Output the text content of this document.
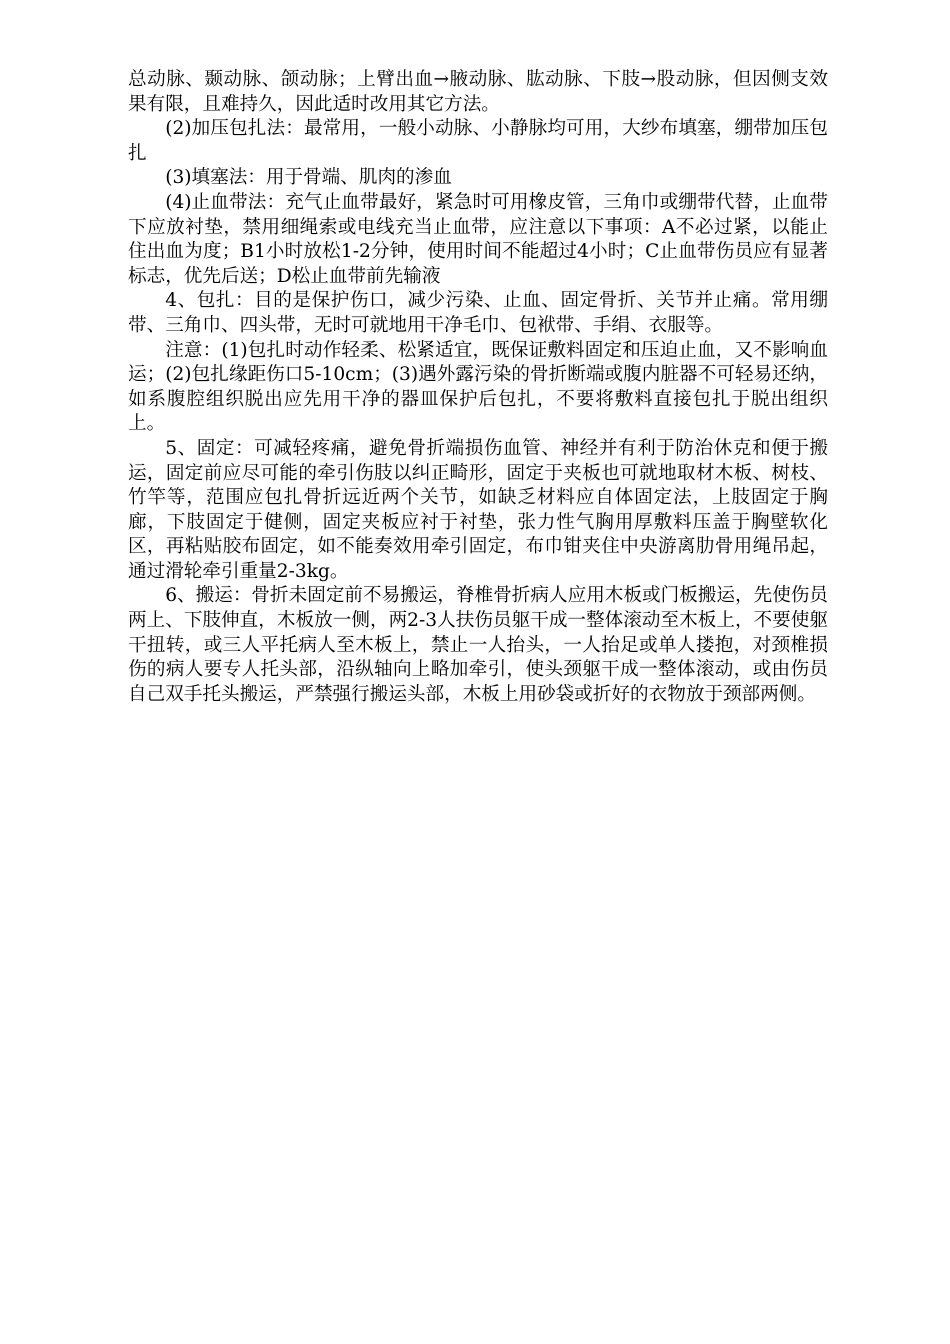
总动脉、颞动脉、颌动脉；上臂出血→腋动脉、肱动脉、下肢→股动脉，但因侧支效果有限，且难持久，因此适时改用其它方法。

(2)加压包扎法：最常用，一般小动脉、小静脉均可用，大纱布填塞，绷带加压包扎

(3)填塞法：用于骨端、肌肉的渗血

(4)止血带法：充气止血带最好，紧急时可用橡皮管，三角巾或绷带代替，止血带下应放衬垫，禁用细绳索或电线充当止血带，应注意以下事项：A不必过紧，以能止住出血为度；B1小时放松1-2分钟，使用时间不能超过4小时；C止血带伤员应有显著标志，优先后送；D松止血带前先输液

4、包扎：目的是保护伤口，减少污染、止血、固定骨折、关节并止痛。常用绷带、三角巾、四头带，无时可就地用干净毛巾、包袱带、手绢、衣服等。

注意：(1)包扎时动作轻柔、松紧适宜，既保证敷料固定和压迫止血，又不影响血运；(2)包扎缘距伤口5-10cm；(3)遇外露污染的骨折断端或腹内脏器不可轻易还纳，如系腹腔组织脱出应先用干净的器皿保护后包扎，不要将敷料直接包扎于脱出组织上。

5、固定：可减轻疼痛，避免骨折端损伤血管、神经并有利于防治休克和便于搬运，固定前应尽可能的牵引伤肢以纠正畸形，固定于夹板也可就地取材木板、树枝、竹竿等，范围应包扎骨折远近两个关节，如缺乏材料应自体固定法，上肢固定于胸廊，下肢固定于健侧，固定夹板应衬于衬垫，张力性气胸用厚敷料压盖于胸壁软化区，再粘贴胶布固定，如不能奏效用牵引固定，布巾钳夹住中央游离肋骨用绳吊起，通过滑轮牵引重量2-3kg。

6、搬运：骨折未固定前不易搬运，脊椎骨折病人应用木板或门板搬运，先使伤员两上、下肢伸直，木板放一侧，两2-3人扶伤员躯干成一整体滚动至木板上，不要使躯干扭转，或三人平托病人至木板上，禁止一人抬头，一人抬足或单人搂抱，对颈椎损伤的病人要专人托头部，沿纵轴向上略加牵引，使头颈躯干成一整体滚动，或由伤员自己双手托头搬运，严禁强行搬运头部，木板上用砂袋或折好的衣物放于颈部两侧。
